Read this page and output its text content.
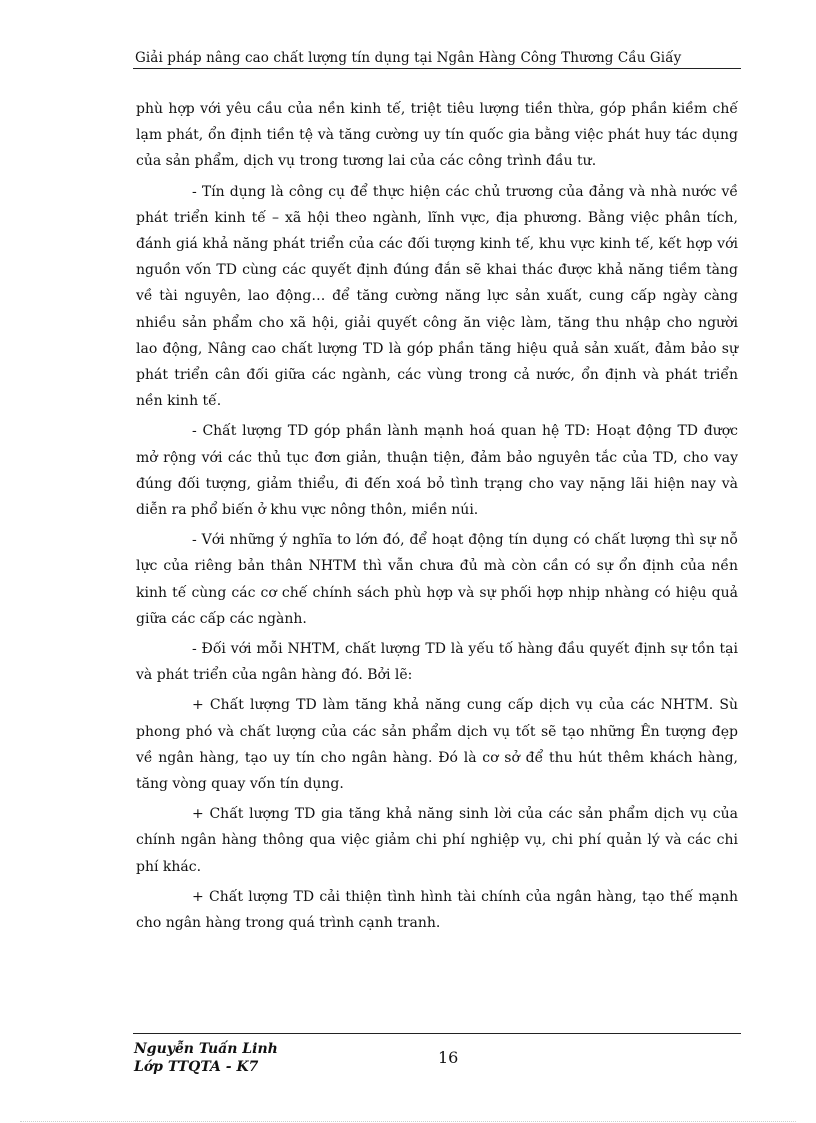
Giải pháp nâng cao chất lượng tín dụng tại Ngân Hàng Công Thương Cầu Giấy

phù hợp với yêu cầu của nền kinh tế, triệt tiêu lượng tiền thừa, góp phần kiềm chế lạm phát, ổn định tiền tệ và tăng cường uy tín quốc gia bằng việc phát huy tác dụng của sản phẩm, dịch vụ trong tương lai của các công trình đầu tư.

- Tín dụng là công cụ để thực hiện các chủ trương của đảng và nhà nước về phát triển kinh tế – xã hội theo ngành, lĩnh vực, địa phương. Bằng việc phân tích, đánh giá khả năng phát triển của các đối tượng kinh tế, khu vực kinh tế, kết hợp với nguồn vốn TD cùng các quyết định đúng đắn sẽ khai thác được khả năng tiềm tàng về tài nguyên, lao động… để tăng cường năng lực sản xuất, cung cấp ngày càng nhiều sản phẩm cho xã hội, giải quyết công ăn việc làm, tăng thu nhập cho người lao động, Nâng cao chất lượng TD là góp phần tăng hiệu quả sản xuất, đảm bảo sự phát triển cân đối giữa các ngành, các vùng trong cả nước, ổn định và phát triển nền kinh tế.

- Chất lượng TD góp phần lành mạnh hoá quan hệ TD: Hoạt động TD được mở rộng với các thủ tục đơn giản, thuận tiện, đảm bảo nguyên tắc của TD, cho vay đúng đối tượng, giảm thiểu, đi đến xoá bỏ tình trạng cho vay nặng lãi hiện nay và diễn ra phổ biến ở khu vực nông thôn, miền núi.

- Với những ý nghĩa to lớn đó, để hoạt động tín dụng có chất lượng thì sự nỗ lực của riêng bản thân NHTM thì vẫn chưa đủ mà còn cần có sự ổn định của nền kinh tế cùng các cơ chế chính sách phù hợp và sự phối hợp nhịp nhàng có hiệu quả giữa các cấp các ngành.

- Đối với mỗi NHTM, chất lượng TD là yếu tố hàng đầu quyết định sự tồn tại và phát triển của ngân hàng đó. Bởi lẽ:

+ Chất lượng TD làm tăng khả năng cung cấp dịch vụ của các NHTM. Sù phong phó và chất lượng của các sản phẩm dịch vụ tốt sẽ tạo những Ên tượng đẹp về ngân hàng, tạo uy tín cho ngân hàng. Đó là cơ sở để thu hút thêm khách hàng, tăng vòng quay vốn tín dụng.

+ Chất lượng TD gia tăng khả năng sinh lời của các sản phẩm dịch vụ của chính ngân hàng thông qua việc giảm chi phí nghiệp vụ, chi phí quản lý và các chi phí khác.

+ Chất lượng TD cải thiện tình hình tài chính của ngân hàng, tạo thế mạnh cho ngân hàng trong quá trình cạnh tranh.

Nguyễn Tuấn Linh
Lớp TTQTA - K7	16
